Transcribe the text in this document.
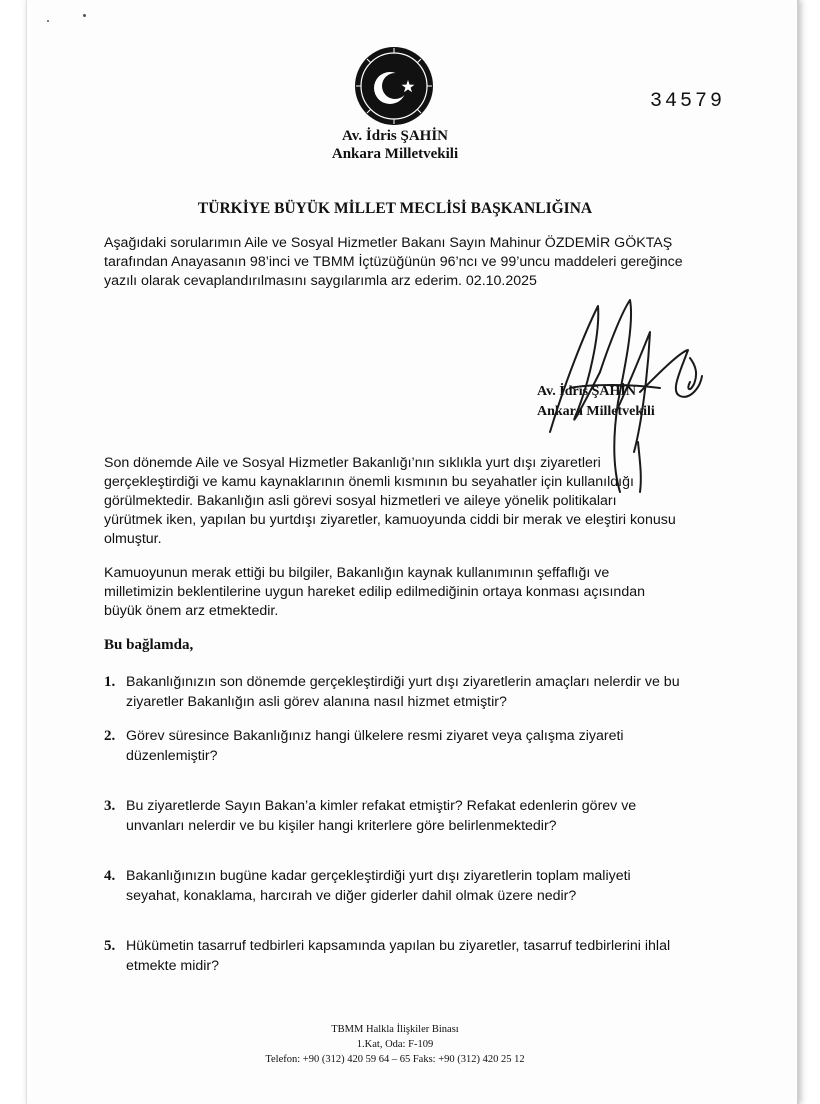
34579
Av. İdris ŞAHİN
Ankara Milletvekili
TÜRKİYE BÜYÜK MİLLET MECLİSİ BAŞKANLIĞINA
Aşağıdaki sorularımın Aile ve Sosyal Hizmetler Bakanı Sayın Mahinur ÖZDEMİR GÖKTAŞ
tarafından Anayasanın 98’inci ve TBMM İçtüzüğünün 96’ncı ve 99’uncu maddeleri gereğince
yazılı olarak cevaplandırılmasını saygılarımla arz ederim. 02.10.2025
Av. İdris ŞAHİN
Ankara Milletvekili
Son dönemde Aile ve Sosyal Hizmetler Bakanlığı’nın sıklıkla yurt dışı ziyaretleri
gerçekleştirdiği ve kamu kaynaklarının önemli kısmının bu seyahatler için kullanıldığı
görülmektedir. Bakanlığın asli görevi sosyal hizmetleri ve aileye yönelik politikaları
yürütmek iken, yapılan bu yurtdışı ziyaretler, kamuoyunda ciddi bir merak ve eleştiri konusu
olmuştur.
Kamuoyunun merak ettiği bu bilgiler, Bakanlığın kaynak kullanımının şeffaflığı ve
milletimizin beklentilerine uygun hareket edilip edilmediğinin ortaya konması açısından
büyük önem arz etmektedir.
Bu bağlamda,
1. Bakanlığınızın son dönemde gerçekleştirdiği yurt dışı ziyaretlerin amaçları nelerdir ve bu
ziyaretler Bakanlığın asli görev alanına nasıl hizmet etmiştir?
2. Görev süresince Bakanlığınız hangi ülkelere resmi ziyaret veya çalışma ziyareti
düzenlemiştir?
3. Bu ziyaretlerde Sayın Bakan’a kimler refakat etmiştir? Refakat edenlerin görev ve
unvanları nelerdir ve bu kişiler hangi kriterlere göre belirlenmektedir?
4. Bakanlığınızın bugüne kadar gerçekleştirdiği yurt dışı ziyaretlerin toplam maliyeti
seyahat, konaklama, harcırah ve diğer giderler dahil olmak üzere nedir?
5. Hükümetin tasarruf tedbirleri kapsamında yapılan bu ziyaretler, tasarruf tedbirlerini ihlal
etmekte midir?
TBMM Halkla İlişkiler Binası
1.Kat, Oda: F-109
Telefon: +90 (312) 420 59 64 – 65 Faks: +90 (312) 420 25 12
